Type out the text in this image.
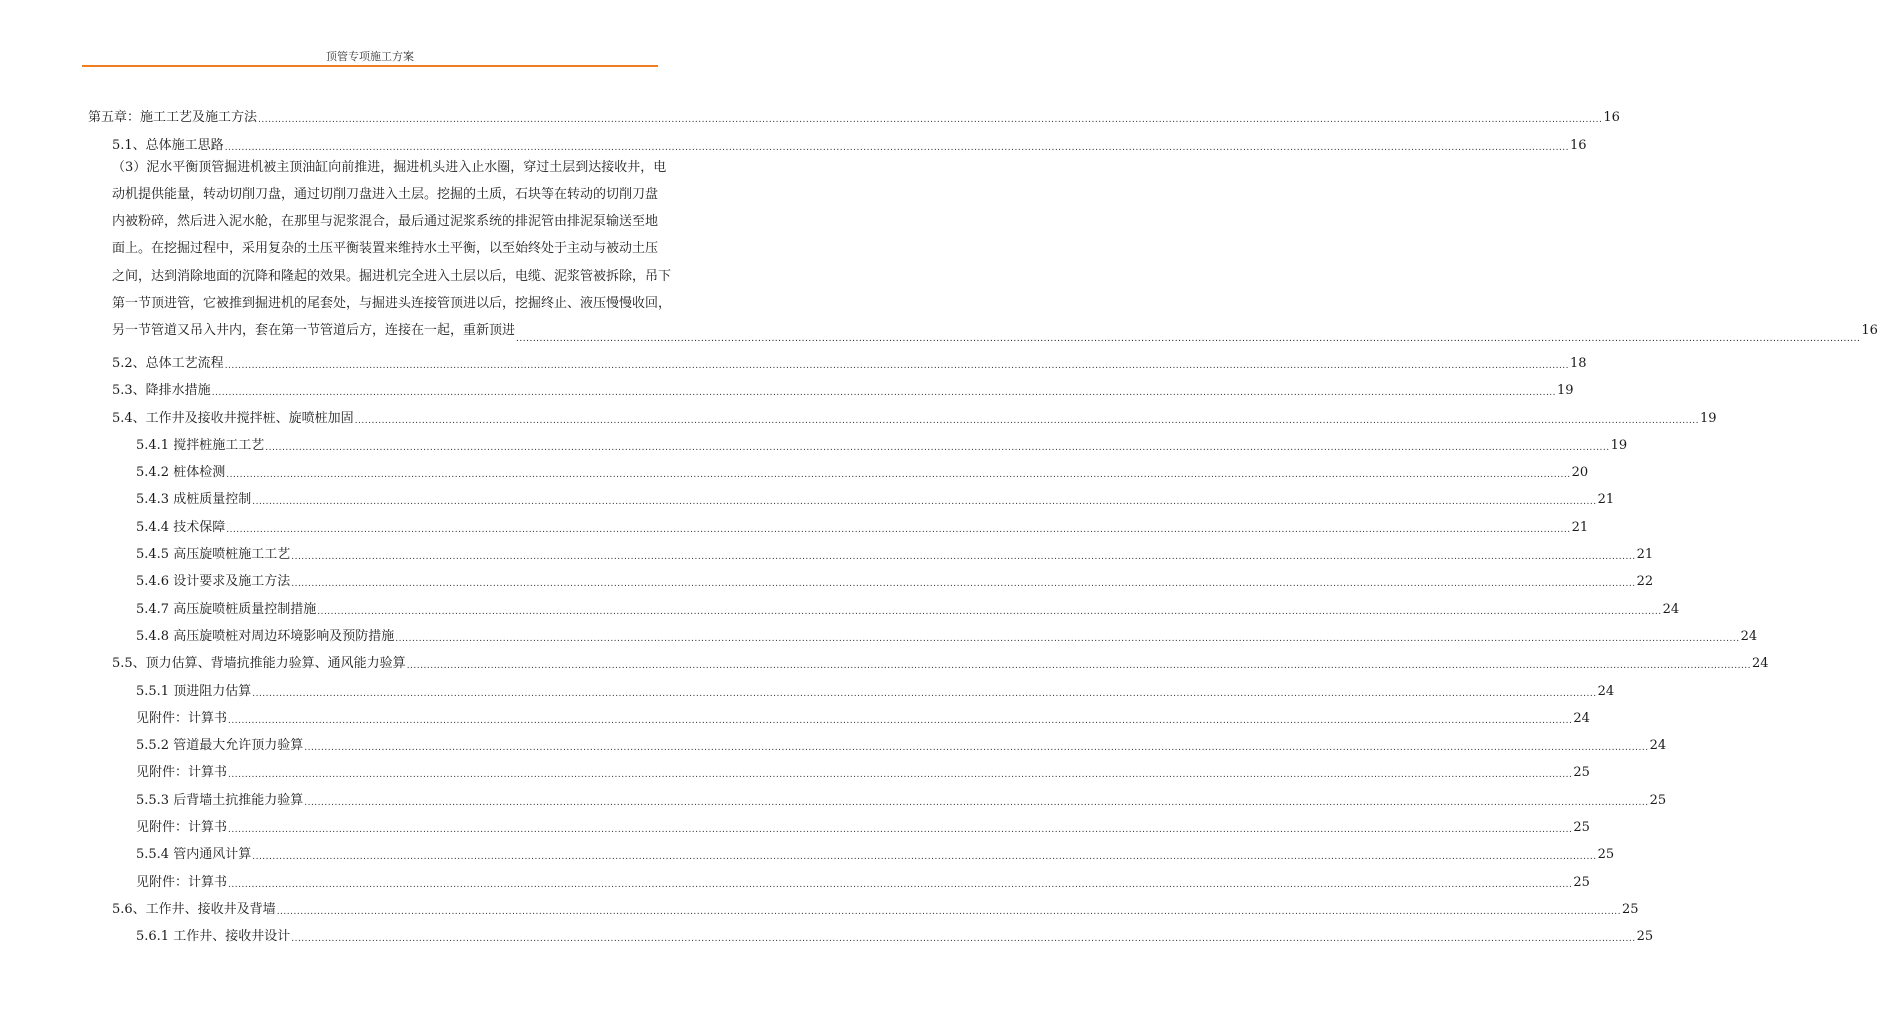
顶管专项施工方案
第五章：施工工艺及施工方法 ................................................................................................................................................................................................................................................................................................................................................................................................................ 16
5.1、总体施工思路 ................................................................................................................................................................................................................................................................................................................................................................................................................ 16
（3）泥水平衡顶管掘进机被主顶油缸向前推进，掘进机头进入止水圈，穿过土层到达接收井，电
动机提供能量，转动切削刀盘，通过切削刀盘进入土层。挖掘的土质，石块等在转动的切削刀盘
内被粉碎，然后进入泥水舱，在那里与泥浆混合，最后通过泥浆系统的排泥管由排泥泵输送至地
面上。在挖掘过程中，采用复杂的土压平衡装置来维持水土平衡，以至始终处于主动与被动土压
之间，达到消除地面的沉降和隆起的效果。掘进机完全进入土层以后，电缆、泥浆管被拆除，吊下
第一节顶进管，它被推到掘进机的尾套处，与掘进头连接管顶进以后，挖掘终止、液压慢慢收回，
另一节管道又吊入井内，套在第一节管道后方，连接在一起，重新顶进
................................................................................................................................................................................................................................................................................................................................................................................................................
16
5.2、总体工艺流程 ................................................................................................................................................................................................................................................................................................................................................................................................................ 18
5.3、降排水措施 ................................................................................................................................................................................................................................................................................................................................................................................................................ 19
5.4、工作井及接收井搅拌桩、旋喷桩加固 ................................................................................................................................................................................................................................................................................................................................................................................................................ 19
5.4.1 搅拌桩施工工艺 ................................................................................................................................................................................................................................................................................................................................................................................................................ 19
5.4.2 桩体检测 ................................................................................................................................................................................................................................................................................................................................................................................................................ 20
5.4.3 成桩质量控制 ................................................................................................................................................................................................................................................................................................................................................................................................................ 21
5.4.4 技术保障 ................................................................................................................................................................................................................................................................................................................................................................................................................ 21
5.4.5 高压旋喷桩施工工艺 ................................................................................................................................................................................................................................................................................................................................................................................................................ 21
5.4.6 设计要求及施工方法 ................................................................................................................................................................................................................................................................................................................................................................................................................ 22
5.4.7 高压旋喷桩质量控制措施 ................................................................................................................................................................................................................................................................................................................................................................................................................ 24
5.4.8 高压旋喷桩对周边环境影响及预防措施 ................................................................................................................................................................................................................................................................................................................................................................................................................ 24
5.5、顶力估算、背墙抗推能力验算、通风能力验算 ................................................................................................................................................................................................................................................................................................................................................................................................................ 24
5.5.1 顶进阻力估算 ................................................................................................................................................................................................................................................................................................................................................................................................................ 24
见附件：计算书 ................................................................................................................................................................................................................................................................................................................................................................................................................ 24
5.5.2 管道最大允许顶力验算 ................................................................................................................................................................................................................................................................................................................................................................................................................ 24
见附件：计算书 ................................................................................................................................................................................................................................................................................................................................................................................................................ 25
5.5.3 后背墙土抗推能力验算 ................................................................................................................................................................................................................................................................................................................................................................................................................ 25
见附件：计算书 ................................................................................................................................................................................................................................................................................................................................................................................................................ 25
5.5.4 管内通风计算 ................................................................................................................................................................................................................................................................................................................................................................................................................ 25
见附件：计算书 ................................................................................................................................................................................................................................................................................................................................................................................................................ 25
5.6、工作井、接收井及背墙 ................................................................................................................................................................................................................................................................................................................................................................................................................ 25
5.6.1 工作井、接收井设计 ................................................................................................................................................................................................................................................................................................................................................................................................................ 25
